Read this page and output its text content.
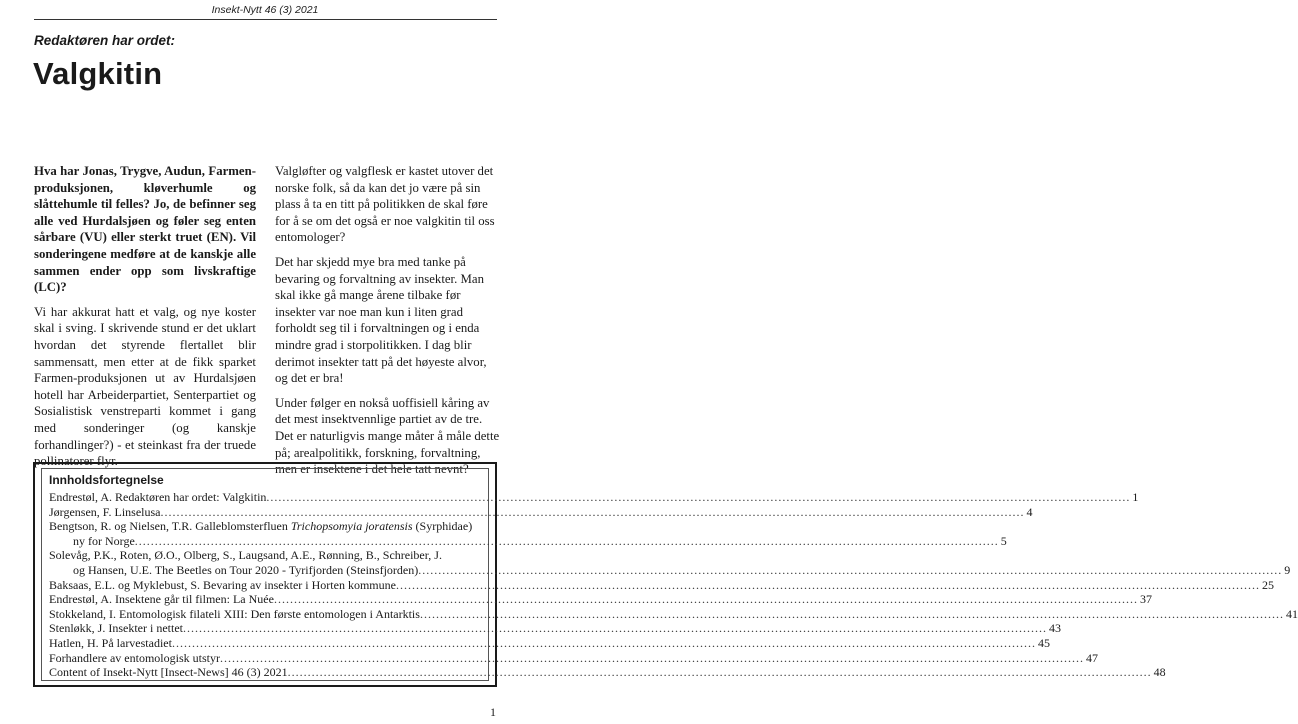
Insekt-Nytt 46 (3) 2021
Redaktøren har ordet:
Valgkitin

Hva har Jonas, Trygve, Audun, Farmen-produksjonen, kløverhumle og slåttehumle til felles? Jo, de befinner seg alle ved Hurdalsjøen og føler seg enten sårbare (VU) eller sterkt truet (EN). Vil sonderingene medføre at de kanskje alle sammen ender opp som livskraftige (LC)?

Vi har akkurat hatt et valg, og nye koster skal i sving. I skrivende stund er det uklart hvordan det styrende flertallet blir sammensatt, men etter at de fikk sparket Farmen-produksjonen ut av Hurdalsjøen hotell har Arbeiderpartiet, Senterpartiet og Sosialistisk venstreparti kommet i gang med sonderinger (og kanskje forhandlinger?) - et steinkast fra der truede pollinatorer flyr.

Valgløfter og valgflesk er kastet utover det norske folk, så da kan det jo være på sin plass å ta en titt på politikken de skal føre for å se om det også er noe valgkitin til oss entomologer?

Det har skjedd mye bra med tanke på bevaring og forvaltning av insekter. Man skal ikke gå mange årene tilbake før insekter var noe man kun i liten grad forholdt seg til i forvaltningen og i enda mindre grad i storpolitikken. I dag blir derimot insekter tatt på det høyeste alvor, og det er bra!

Under følger en nokså uoffisiell kåring av det mest insektvennlige partiet av de tre. Det er naturligvis mange måter å måle dette på; arealpolitikk, forskning, forvaltning, men er insektene i det hele tatt nevnt?

Innholdsfortegnelse
Endrestøl, A. Redaktøren har ordet: Valgkitin .....	1
Jørgensen, F. Linselusa .....	4
Bengtson, R. og Nielsen, T.R. Galleblomsterfluen Trichopsomyia joratensis (Syrphidae)
ny for Norge .....	5
Solevåg, P.K., Roten, Ø.O., Olberg, S., Laugsand, A.E., Rønning, B., Schreiber, J.
og Hansen, U.E. The Beetles on Tour 2020 - Tyrifjorden (Steinsfjorden) .....	9
Baksaas, E.L. og Myklebust, S. Bevaring av insekter i Horten kommune .....	25
Endrestøl, A. Insektene går til filmen: La Nuée .....	37
Stokkeland, I. Entomologisk filateli XIII: Den første entomologen i Antarktis .....	41
Stenløkk, J. Insekter i nettet .....	43
Hatlen, H. På larvestadiet .....	45
Forhandlere av entomologisk utstyr .....	47
Content of Insekt-Nytt [Insect-News] 46 (3) 2021 .....	48
1
